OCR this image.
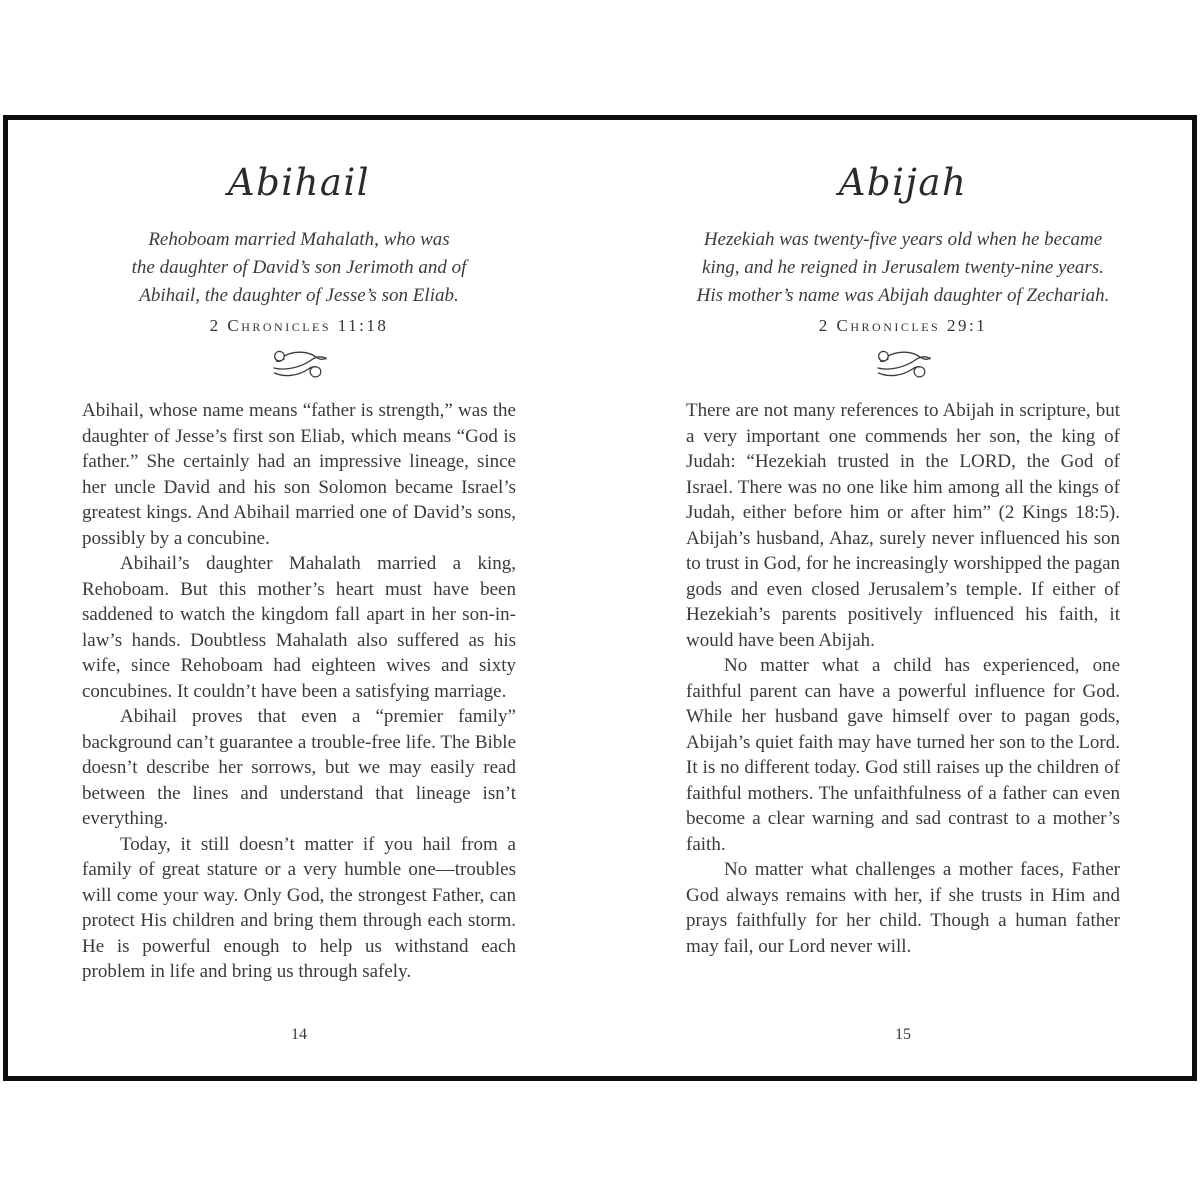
Abihail
Rehoboam married Mahalath, who was
the daughter of David’s son Jerimoth and of
Abihail, the daughter of Jesse’s son Eliab.
2 Chronicles 11:18

Abihail, whose name means “father is strength,” was the daughter of Jesse’s first son Eliab, which means “God is father.” She certainly had an impressive lineage, since her uncle David and his son Solomon became Israel’s greatest kings. And Abihail married one of David’s sons, possibly by a concubine.

Abihail’s daughter Mahalath married a king, Rehoboam. But this mother’s heart must have been saddened to watch the kingdom fall apart in her son-in-law’s hands. Doubtless Mahalath also suffered as his wife, since Rehoboam had eighteen wives and sixty concubines. It couldn’t have been a satisfying marriage.

Abihail proves that even a “premier family” background can’t guarantee a trouble-free life. The Bible doesn’t describe her sorrows, but we may easily read between the lines and understand that lineage isn’t everything.

Today, it still doesn’t matter if you hail from a family of great stature or a very humble one—troubles will come your way. Only God, the strongest Father, can protect His children and bring them through each storm. He is powerful enough to help us withstand each problem in life and bring us through safely.

Abijah
Hezekiah was twenty-five years old when he became
king, and he reigned in Jerusalem twenty-nine years.
His mother’s name was Abijah daughter of Zechariah.
2 Chronicles 29:1

There are not many references to Abijah in scripture, but a very important one commends her son, the king of Judah: “Hezekiah trusted in the LORD, the God of Israel. There was no one like him among all the kings of Judah, either before him or after him” (2 Kings 18:5). Abijah’s husband, Ahaz, surely never influenced his son to trust in God, for he increasingly worshipped the pagan gods and even closed Jerusalem’s temple. If either of Hezekiah’s parents positively influenced his faith, it would have been Abijah.

No matter what a child has experienced, one faithful parent can have a powerful influence for God. While her husband gave himself over to pagan gods, Abijah’s quiet faith may have turned her son to the Lord. It is no different today. God still raises up the children of faithful mothers. The unfaithfulness of a father can even become a clear warning and sad contrast to a mother’s faith.

No matter what challenges a mother faces, Father God always remains with her, if she trusts in Him and prays faithfully for her child. Though a human father may fail, our Lord never will.

14	15
